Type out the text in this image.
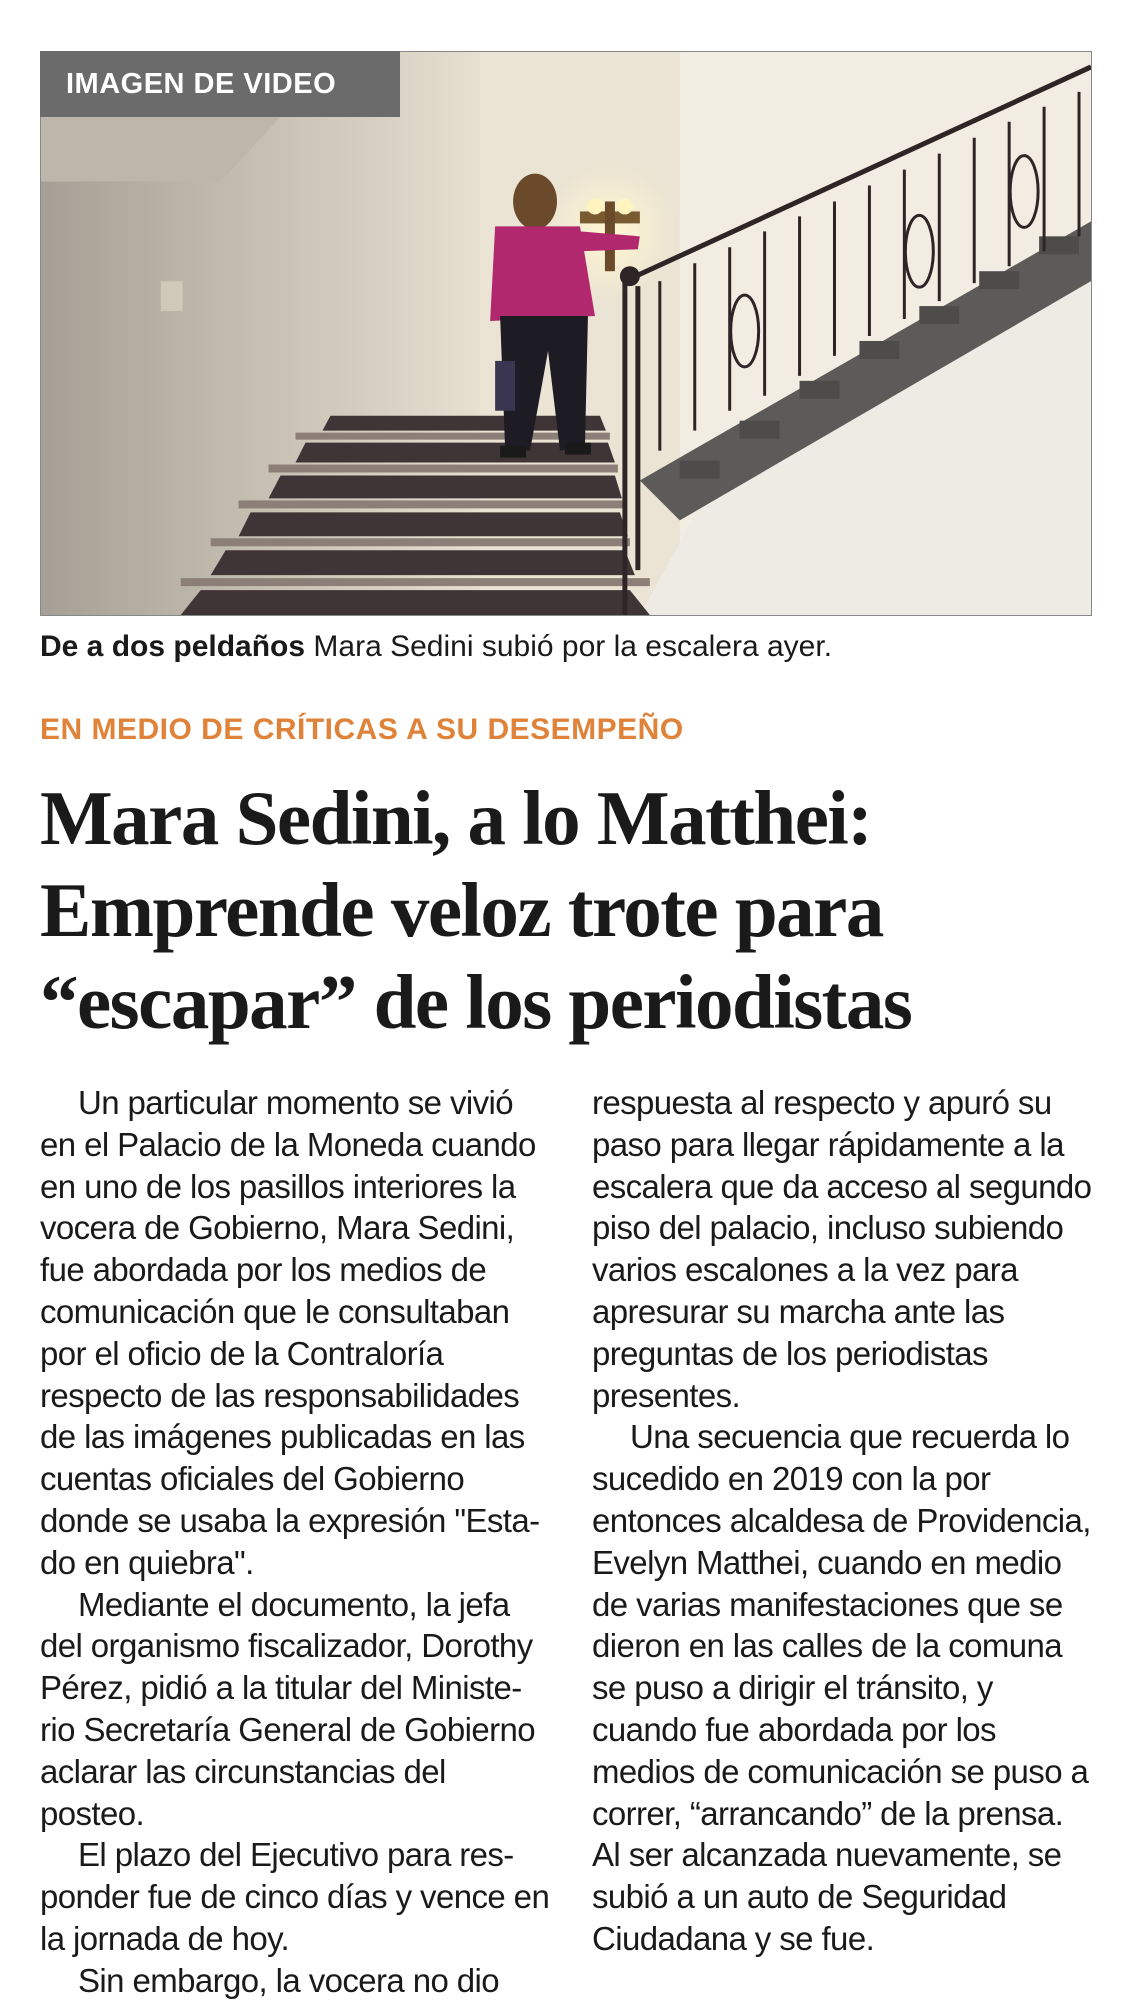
IMAGEN DE VIDEO
De a dos peldaños Mara Sedini subió por la escalera ayer.
EN MEDIO DE CRÍTICAS A SU DESEMPEÑO
Mara Sedini, a lo Matthei:
Emprende veloz trote para
“escapar” de los periodistas

Un particular momento se vivió

en el Palacio de la Moneda cuando

en uno de los pasillos interiores la

vocera de Gobierno, Mara Sedini,

fue abordada por los medios de

comunicación que le consultaban

por el oficio de la Contraloría

respecto de las responsabilidades

de las imágenes publicadas en las

cuentas oficiales del Gobierno

donde se usaba la expresión "Esta-

do en quiebra".

Mediante el documento, la jefa

del organismo fiscalizador, Dorothy

Pérez, pidió a la titular del Ministe-

rio Secretaría General de Gobierno

aclarar las circunstancias del posteo.

El plazo del Ejecutivo para res-

ponder fue de cinco días y vence en

la jornada de hoy.

Sin embargo, la vocera no dio

respuesta al respecto y apuró su

paso para llegar rápidamente a la

escalera que da acceso al segundo

piso del palacio, incluso subiendo

varios escalones a la vez para

apresurar su marcha ante las

preguntas de los periodistas

presentes.

Una secuencia que recuerda lo

sucedido en 2019 con la por

entonces alcaldesa de Providencia,

Evelyn Matthei, cuando en medio

de varias manifestaciones que se

dieron en las calles de la comuna

se puso a dirigir el tránsito, y

cuando fue abordada por los

medios de comunicación se puso a

correr, “arrancando” de la prensa.

Al ser alcanzada nuevamente, se

subió a un auto de Seguridad

Ciudadana y se fue.
